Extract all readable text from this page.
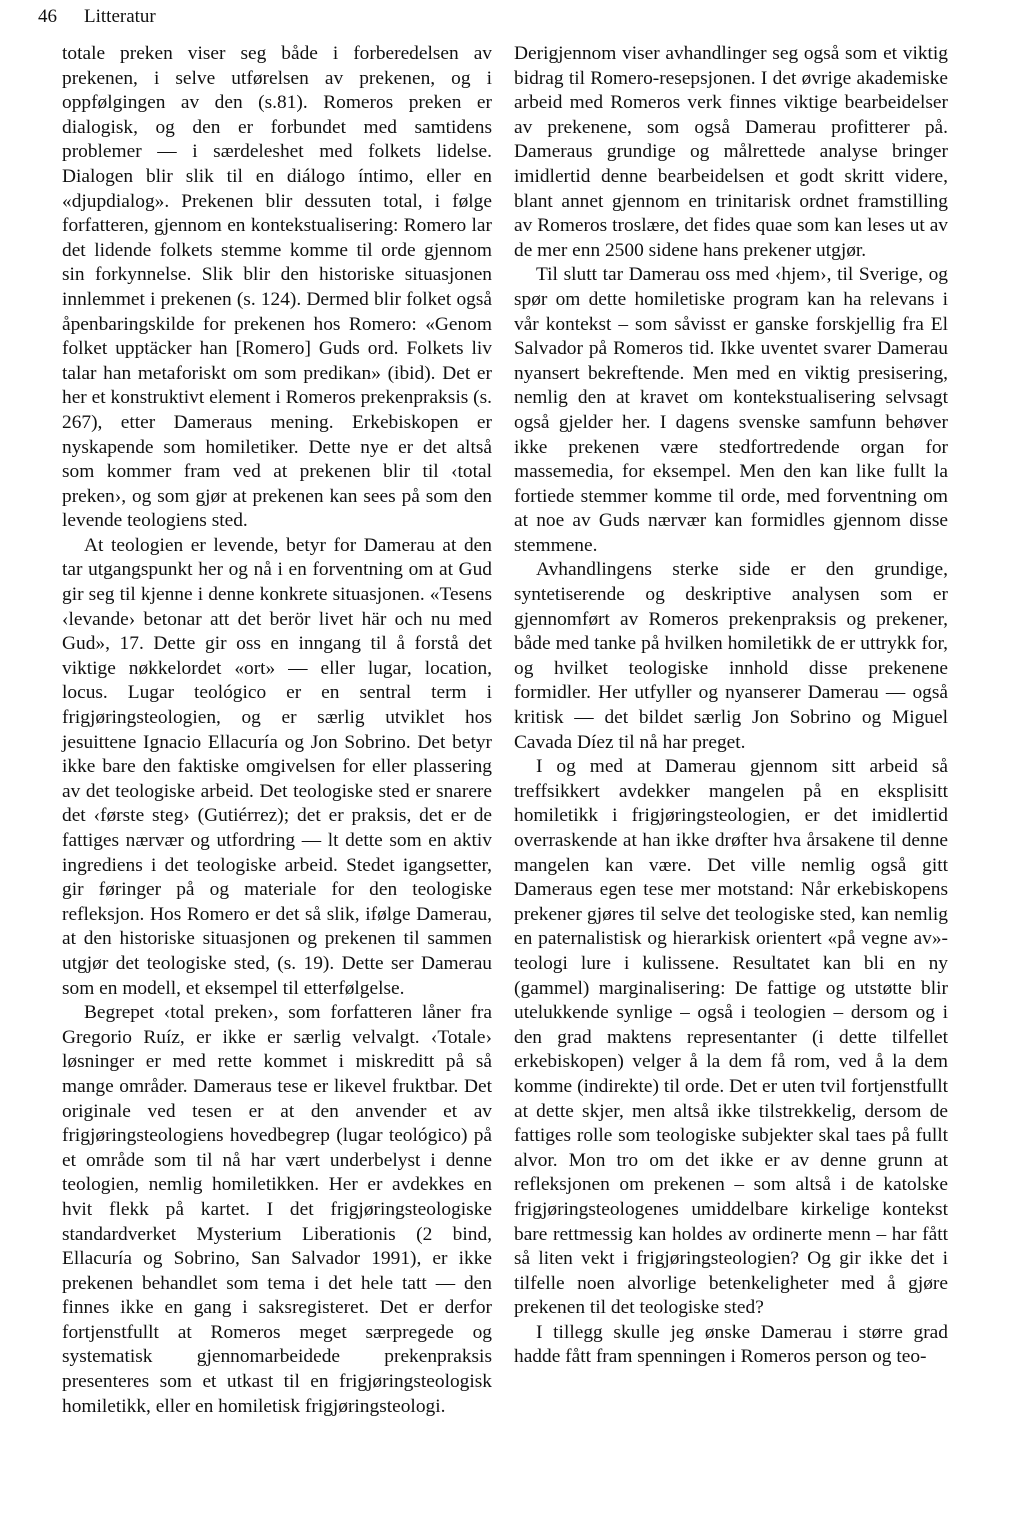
46 Litteratur

totale preken viser seg både i forberedelsen av prekenen, i selve utførelsen av prekenen, og i oppfølgingen av den (s.81). Romeros preken er dialogisk, og den er forbundet med samtidens problemer — i særdeleshet med folkets lidelse. Dialogen blir slik til en diálogo íntimo, eller en «djupdialog». Prekenen blir dessuten total, i følge forfatteren, gjennom en kontekstualisering: Romero lar det lidende folkets stemme komme til orde gjennom sin forkynnelse. Slik blir den historiske situasjonen innlemmet i prekenen (s. 124). Dermed blir folket også åpenbaringskilde for prekenen hos Romero: «Genom folket upptäcker han [Romero] Guds ord. Folkets liv talar han metaforiskt om som predikan» (ibid). Det er her et konstruktivt element i Romeros prekenpraksis (s. 267), etter Dameraus mening. Erkebiskopen er nyskapende som homiletiker. Dette nye er det altså som kommer fram ved at prekenen blir til ‹total preken›, og som gjør at prekenen kan sees på som den levende teologiens sted.

At teologien er levende, betyr for Damerau at den tar utgangspunkt her og nå i en forventning om at Gud gir seg til kjenne i denne konkrete situasjonen. «Tesens ‹levande› betonar att det berör livet här och nu med Gud», 17. Dette gir oss en inngang til å forstå det viktige nøkkelordet «ort» — eller lugar, location, locus. Lugar teológico er en sentral term i frigjøringsteologien, og er særlig utviklet hos jesuittene Ignacio Ellacuría og Jon Sobrino. Det betyr ikke bare den faktiske omgivelsen for eller plassering av det teologiske arbeid. Det teologiske sted er snarere det ‹første steg› (Gutiérrez); det er praksis, det er de fattiges nærvær og utfordring — lt dette som en aktiv ingrediens i det teologiske arbeid. Stedet igangsetter, gir føringer på og materiale for den teologiske refleksjon. Hos Romero er det så slik, ifølge Damerau, at den historiske situasjonen og prekenen til sammen utgjør det teologiske sted, (s. 19). Dette ser Damerau som en modell, et eksempel til etterfølgelse.

Begrepet ‹total preken›, som forfatteren låner fra Gregorio Ruíz, er ikke er særlig velvalgt. ‹Totale› løsninger er med rette kommet i miskreditt på så mange områder. Dameraus tese er likevel fruktbar. Det originale ved tesen er at den anvender et av frigjøringsteologiens hovedbegrep (lugar teológico) på et område som til nå har vært underbelyst i denne teologien, nemlig homiletikken. Her er avdekkes en hvit flekk på kartet. I det frigjøringsteologiske standardverket Mysterium Liberationis (2 bind, Ellacuría og Sobrino, San Salvador 1991), er ikke prekenen behandlet som tema i det hele tatt — den finnes ikke en gang i saksregisteret. Det er derfor fortjenstfullt at Romeros meget særpregede og systematisk gjennomarbeidede prekenpraksis presenteres som et utkast til en frigjøringsteologisk homiletikk, eller en homiletisk frigjøringsteologi.

Derigjennom viser avhandlinger seg også som et viktig bidrag til Romero-resepsjonen. I det øvrige akademiske arbeid med Romeros verk finnes viktige bearbeidelser av prekenene, som også Damerau profitterer på. Dameraus grundige og målrettede analyse bringer imidlertid denne bearbeidelsen et godt skritt videre, blant annet gjennom en trinitarisk ordnet framstilling av Romeros troslære, det fides quae som kan leses ut av de mer enn 2500 sidene hans prekener utgjør.

Til slutt tar Damerau oss med ‹hjem›, til Sverige, og spør om dette homiletiske program kan ha relevans i vår kontekst – som såvisst er ganske forskjellig fra El Salvador på Romeros tid. Ikke uventet svarer Damerau nyansert bekreftende. Men med en viktig presisering, nemlig den at kravet om kontekstualisering selvsagt også gjelder her. I dagens svenske samfunn behøver ikke prekenen være stedfortredende organ for massemedia, for eksempel. Men den kan like fullt la fortiede stemmer komme til orde, med forventning om at noe av Guds nærvær kan formidles gjennom disse stemmene.

Avhandlingens sterke side er den grundige, syntetiserende og deskriptive analysen som er gjennomført av Romeros prekenpraksis og prekener, både med tanke på hvilken homiletikk de er uttrykk for, og hvilket teologiske innhold disse prekenene formidler. Her utfyller og nyanserer Damerau — også kritisk — det bildet særlig Jon Sobrino og Miguel Cavada Díez til nå har preget.

I og med at Damerau gjennom sitt arbeid så treffsikkert avdekker mangelen på en eksplisitt homiletikk i frigjøringsteologien, er det imidlertid overraskende at han ikke drøfter hva årsakene til denne mangelen kan være. Det ville nemlig også gitt Dameraus egen tese mer motstand: Når erkebiskopens prekener gjøres til selve det teologiske sted, kan nemlig en paternalistisk og hierarkisk orientert «på vegne av»-teologi lure i kulissene. Resultatet kan bli en ny (gammel) marginalisering: De fattige og utstøtte blir utelukkende synlige – også i teologien – dersom og i den grad maktens representanter (i dette tilfellet erkebiskopen) velger å la dem få rom, ved å la dem komme (indirekte) til orde. Det er uten tvil fortjenstfullt at dette skjer, men altså ikke tilstrekkelig, dersom de fattiges rolle som teologiske subjekter skal taes på fullt alvor. Mon tro om det ikke er av denne grunn at refleksjonen om prekenen – som altså i de katolske frigjøringsteologenes umiddelbare kirkelige kontekst bare rettmessig kan holdes av ordinerte menn – har fått så liten vekt i frigjøringsteologien? Og gir ikke det i tilfelle noen alvorlige betenkeligheter med å gjøre prekenen til det teologiske sted?

I tillegg skulle jeg ønske Damerau i større grad hadde fått fram spenningen i Romeros person og teo-
